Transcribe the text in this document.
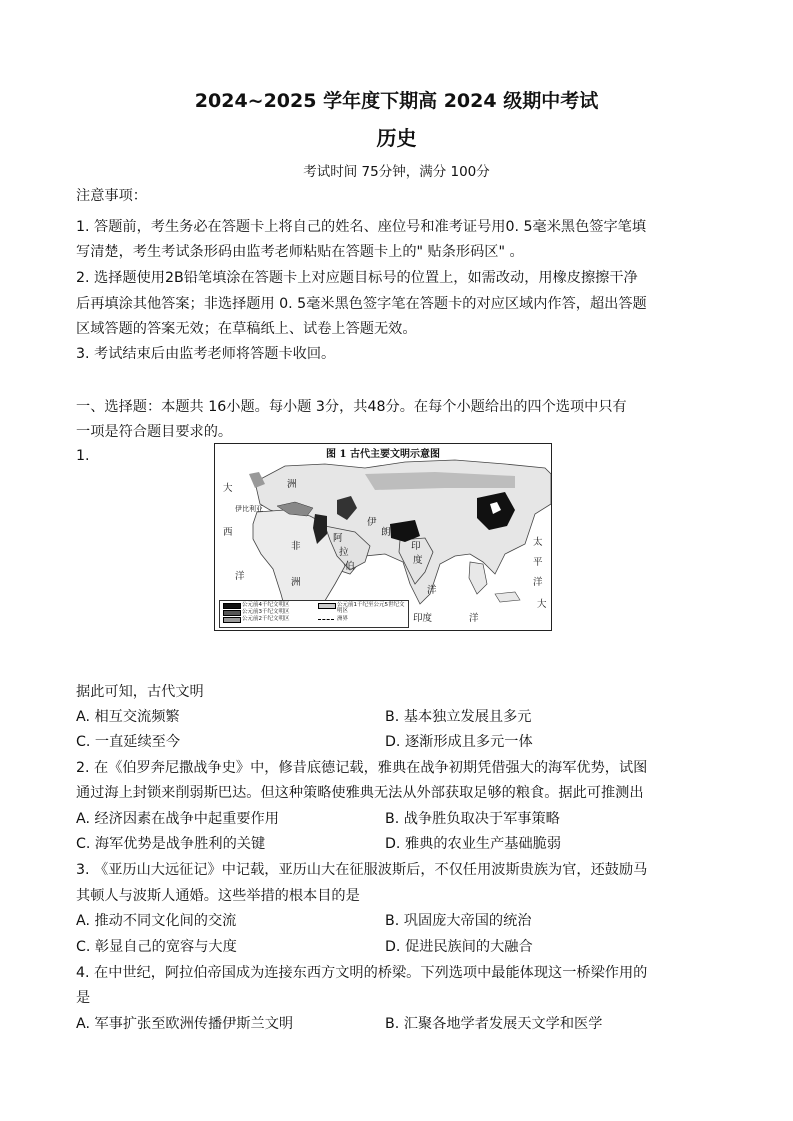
2024~2025 学年度下期高 2024 级期中考试
历史
考试时间 75分钟，满分 100分
注意事项：
1. 答题前，考生务必在答题卡上将自己的姓名、座位号和准考证号用0. 5毫米黑色签字笔填
写清楚，考生考试条形码由监考老师粘贴在答题卡上的" 贴条形码区" 。
2. 选择题使用2B铅笔填涂在答题卡上对应题目标号的位置上，如需改动，用橡皮擦擦干净
后再填涂其他答案；非选择题用 0. 5毫米黑色签字笔在答题卡的对应区域内作答，超出答题
区域答题的答案无效；在草稿纸上、试卷上答题无效。
3. 考试结束后由监考老师将答题卡收回。
一、选择题：本题共 16小题。每小题 3分，共48分。在每个小题给出的四个选项中只有
一项是符合题目要求的。
1.	图 1 古代主要文明示意图
大
西
洋
洲
伊比利亚
非
洲
阿
拉
伯
伊
朗
印
度
洋
印度	洋
太
平
洋
大
公元前4千纪文明区
公元前3千纪文明区
公元前2千纪文明区
公元前1千纪至公元5世纪文明区
洲界
据此可知，古代文明
A. 相互交流频繁	B. 基本独立发展且多元
C. 一直延续至今	D. 逐渐形成且多元一体
2. 在《伯罗奔尼撒战争史》中，修昔底德记载，雅典在战争初期凭借强大的海军优势，试图
通过海上封锁来削弱斯巴达。但这种策略使雅典无法从外部获取足够的粮食。据此可推测出
A. 经济因素在战争中起重要作用	B. 战争胜负取决于军事策略
C. 海军优势是战争胜利的关键	D. 雅典的农业生产基础脆弱
3. 《亚历山大远征记》中记载，亚历山大在征服波斯后，不仅任用波斯贵族为官，还鼓励马
其顿人与波斯人通婚。这些举措的根本目的是
A. 推动不同文化间的交流	B. 巩固庞大帝国的统治
C. 彰显自己的宽容与大度	D. 促进民族间的大融合
4. 在中世纪，阿拉伯帝国成为连接东西方文明的桥梁。下列选项中最能体现这一桥梁作用的
是
A. 军事扩张至欧洲传播伊斯兰文明	B. 汇聚各地学者发展天文学和医学
